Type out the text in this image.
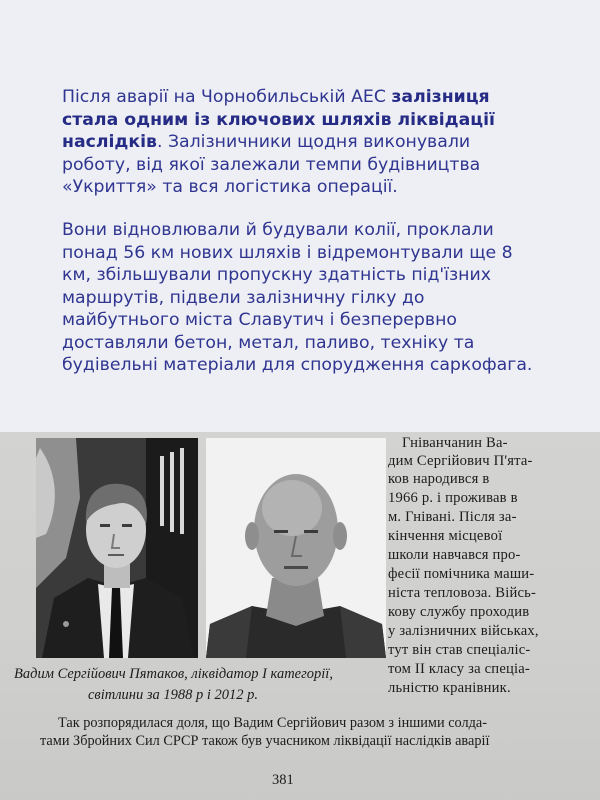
Після аварії на Чорнобильській АЕС залізниця стала одним із ключових шляхів ліквідації наслідків. Залізничники щодня виконували роботу, від якої залежали темпи будівництва «Укриття» та вся логістика операції.

Вони відновлювали й будували колії, проклали понад 56 км нових шляхів і відремонтували ще 8 км, збільшували пропускну здатність під'їзних маршрутів, підвели залізничну гілку до майбутнього міста Славутич і безперервно доставляли бетон, метал, паливо, техніку та будівельні матеріали для спорудження саркофага.

Гніванчанин Ва-
дим Сергійович П'ята-
ков народився в
1966 р. і проживав в
м. Гнівані. Після за-
кінчення місцевої
школи навчався про-
фесії помічника маши-
ніста тепловоза. Війсь-
кову службу проходив
у залізничних військах,
тут він став спеціаліс-
том II класу за спеціа-
льністю кранівник.
Вадим Сергійович Пятаков, ліквідатор I категорії,
світлини за 1988 р і 2012 р.
Так розпорядилася доля, що Вадим Сергійович разом з іншими солда-
тами Збройних Сил СРСР також був учасником ліквідації наслідків аварії
381
